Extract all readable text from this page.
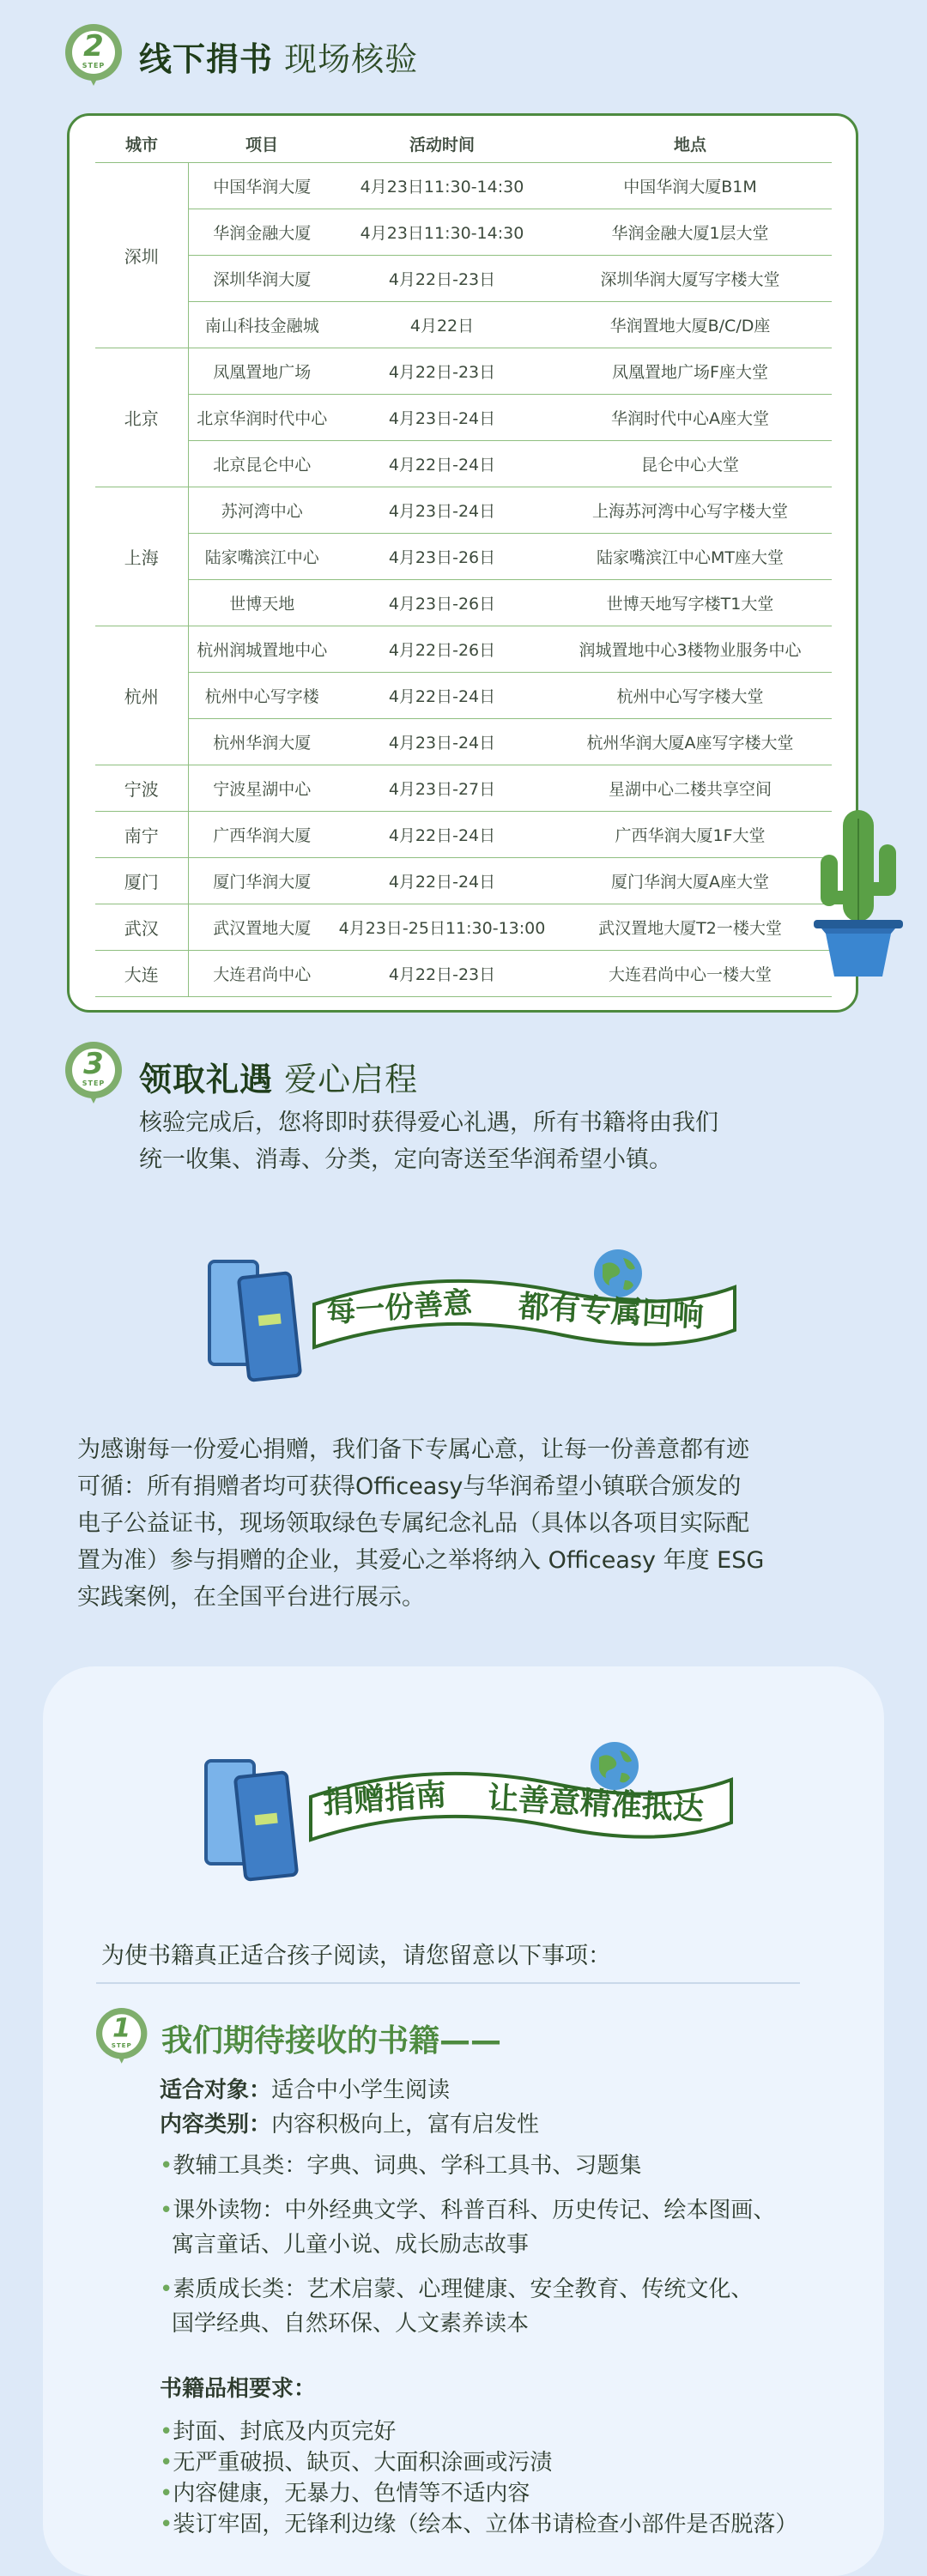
2
STEP	线下捐书 现场核验
城市	项目	活动时间	地点
深圳	中国华润大厦	4月23日11:30-14:30	中国华润大厦B1M
	华润金融大厦	4月23日11:30-14:30	华润金融大厦1层大堂
	深圳华润大厦	4月22日-23日	深圳华润大厦写字楼大堂
	南山科技金融城	4月22日	华润置地大厦B/C/D座
北京	凤凰置地广场	4月22日-23日	凤凰置地广场F座大堂
	北京华润时代中心	4月23日-24日	华润时代中心A座大堂
	北京昆仑中心	4月22日-24日	昆仑中心大堂
上海	苏河湾中心	4月23日-24日	上海苏河湾中心写字楼大堂
	陆家嘴滨江中心	4月23日-26日	陆家嘴滨江中心MT座大堂
	世博天地	4月23日-26日	世博天地写字楼T1大堂
杭州	杭州润城置地中心	4月22日-26日	润城置地中心3楼物业服务中心
	杭州中心写字楼	4月22日-24日	杭州中心写字楼大堂
	杭州华润大厦	4月23日-24日	杭州华润大厦A座写字楼大堂
宁波	宁波星湖中心	4月23日-27日	星湖中心二楼共享空间
南宁	广西华润大厦	4月22日-24日	广西华润大厦1F大堂
厦门	厦门华润大厦	4月22日-24日	厦门华润大厦A座大堂
武汉	武汉置地大厦	4月23日-25日11:30-13:00	武汉置地大厦T2一楼大堂
大连	大连君尚中心	4月22日-23日	大连君尚中心一楼大堂
3
STEP	领取礼遇 爱心启程
核验完成后，您将即时获得爱心礼遇，所有书籍将由我们
统一收集、消毒、分类，定向寄送至华润希望小镇。
每一份善意 都有专属回响
为感谢每一份爱心捐赠，我们备下专属心意，让每一份善意都有迹
可循：所有捐赠者均可获得Officeasy与华润希望小镇联合颁发的
电子公益证书，现场领取绿色专属纪念礼品（具体以各项目实际配
置为准）参与捐赠的企业，其爱心之举将纳入 Officeasy 年度 ESG
实践案例，在全国平台进行展示。
捐赠指南 让善意精准抵达
为使书籍真正适合孩子阅读，请您留意以下事项：
1
STEP 我们期待接收的书籍——
适合对象：适合中小学生阅读
内容类别：内容积极向上，富有启发性
•教辅工具类：字典、词典、学科工具书、习题集
•课外读物：中外经典文学、科普百科、历史传记、绘本图画、
寓言童话、儿童小说、成长励志故事
•素质成长类：艺术启蒙、心理健康、安全教育、传统文化、
国学经典、自然环保、人文素养读本
书籍品相要求：
•封面、封底及内页完好
•无严重破损、缺页、大面积涂画或污渍
•内容健康，无暴力、色情等不适内容
•装订牢固，无锋利边缘（绘本、立体书请检查小部件是否脱落）
